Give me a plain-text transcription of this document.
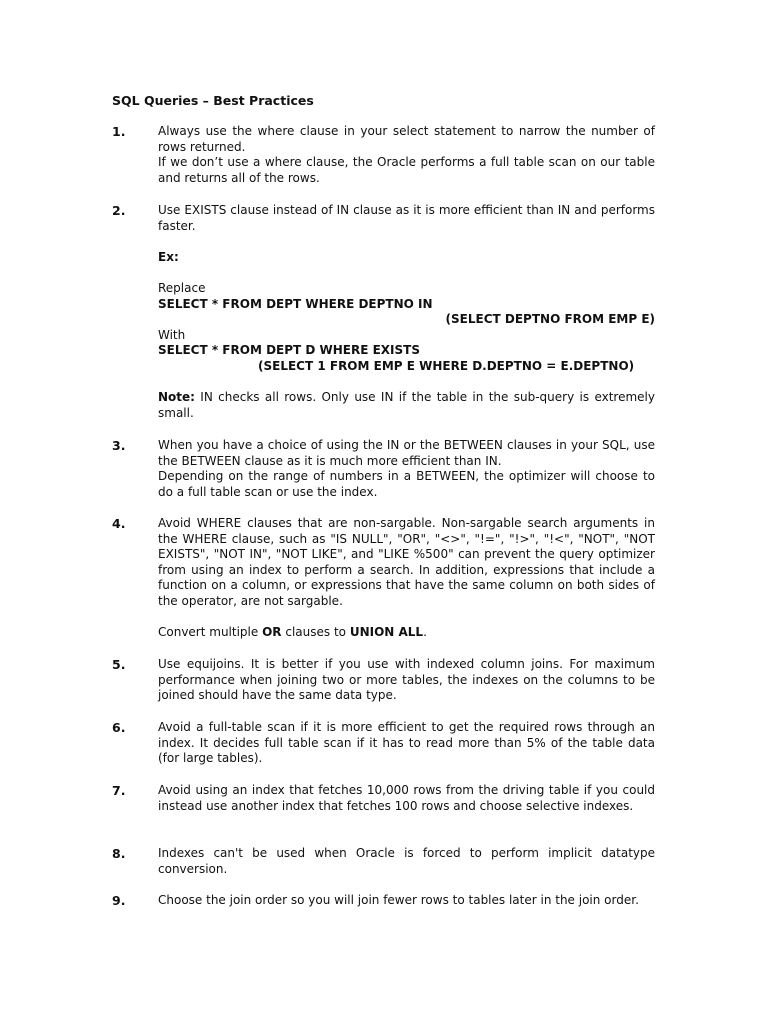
SQL Queries – Best Practices
1.	Always use the where clause in your select statement to narrow the number of rows returned.

If we don’t use a where clause, the Oracle performs a full table scan on our table and returns all of the rows.

2.	Use EXISTS clause instead of IN clause as it is more efficient than IN and performs faster.

Ex:

Replace

SELECT * FROM DEPT WHERE DEPTNO IN

(SELECT DEPTNO FROM EMP E)

With

SELECT * FROM DEPT D WHERE EXISTS

(SELECT 1 FROM EMP E WHERE D.DEPTNO = E.DEPTNO)

Note: IN checks all rows. Only use IN if the table in the sub-query is extremely small.

3.	When you have a choice of using the IN or the BETWEEN clauses in your SQL, use the BETWEEN clause as it is much more efficient than IN.

Depending on the range of numbers in a BETWEEN, the optimizer will choose to do a full table scan or use the index.

4.	Avoid WHERE clauses that are non-sargable. Non-sargable search arguments in the WHERE clause, such as "IS NULL", "OR", "<>", "!=", "!>", "!<", "NOT", "NOT EXISTS", "NOT IN", "NOT LIKE", and "LIKE %500" can prevent the query optimizer from using an index to perform a search. In addition, expressions that include a function on a column, or expressions that have the same column on both sides of the operator, are not sargable.

Convert multiple OR clauses to UNION ALL.

5.	Use equijoins. It is better if you use with indexed column joins. For maximum performance when joining two or more tables, the indexes on the columns to be joined should have the same data type.

6.	Avoid a full-table scan if it is more efficient to get the required rows through an index. It decides full table scan if it has to read more than 5% of the table data (for large tables).

7.	Avoid using an index that fetches 10,000 rows from the driving table if you could instead use another index that fetches 100 rows and choose selective indexes.

8.	Indexes can't be used when Oracle is forced to perform implicit datatype conversion.

9.	Choose the join order so you will join fewer rows to tables later in the join order.
